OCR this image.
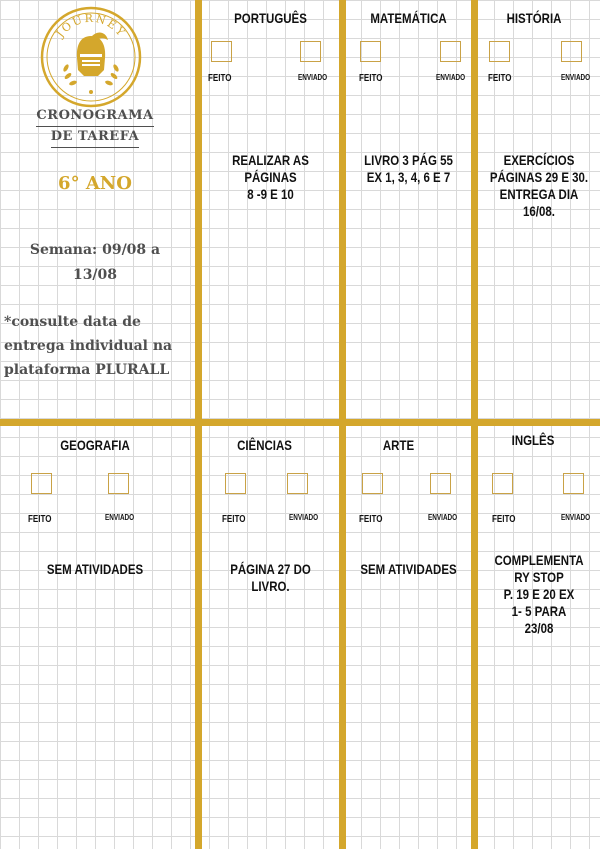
JOURNEY
CRONOGRAMA
DE TAREFA
6° ANO
Semana: 09/08 a
13/08
*consulte data de entrega individual na plataforma PLURALL
PORTUGUÊS
FEITO	ENVIADO
REALIZAR AS PÁGINAS
8 -9 E 10
MATEMÁTICA
FEITO	ENVIADO
LIVRO 3 PÁG 55
EX 1, 3, 4, 6 E 7
HISTÓRIA
FEITO	ENVIADO
EXERCÍCIOS
PÁGINAS 29 E 30.
ENTREGA DIA 16/08.
GEOGRAFIA
FEITO	ENVIADO
SEM ATIVIDADES
CIÊNCIAS
FEITO	ENVIADO
PÁGINA 27 DO LIVRO.
ARTE
FEITO	ENVIADO
SEM ATIVIDADES
INGLÊS
FEITO	ENVIADO
COMPLEMENTA
RY STOP
P. 19 E 20 EX
1- 5 PARA
23/08
